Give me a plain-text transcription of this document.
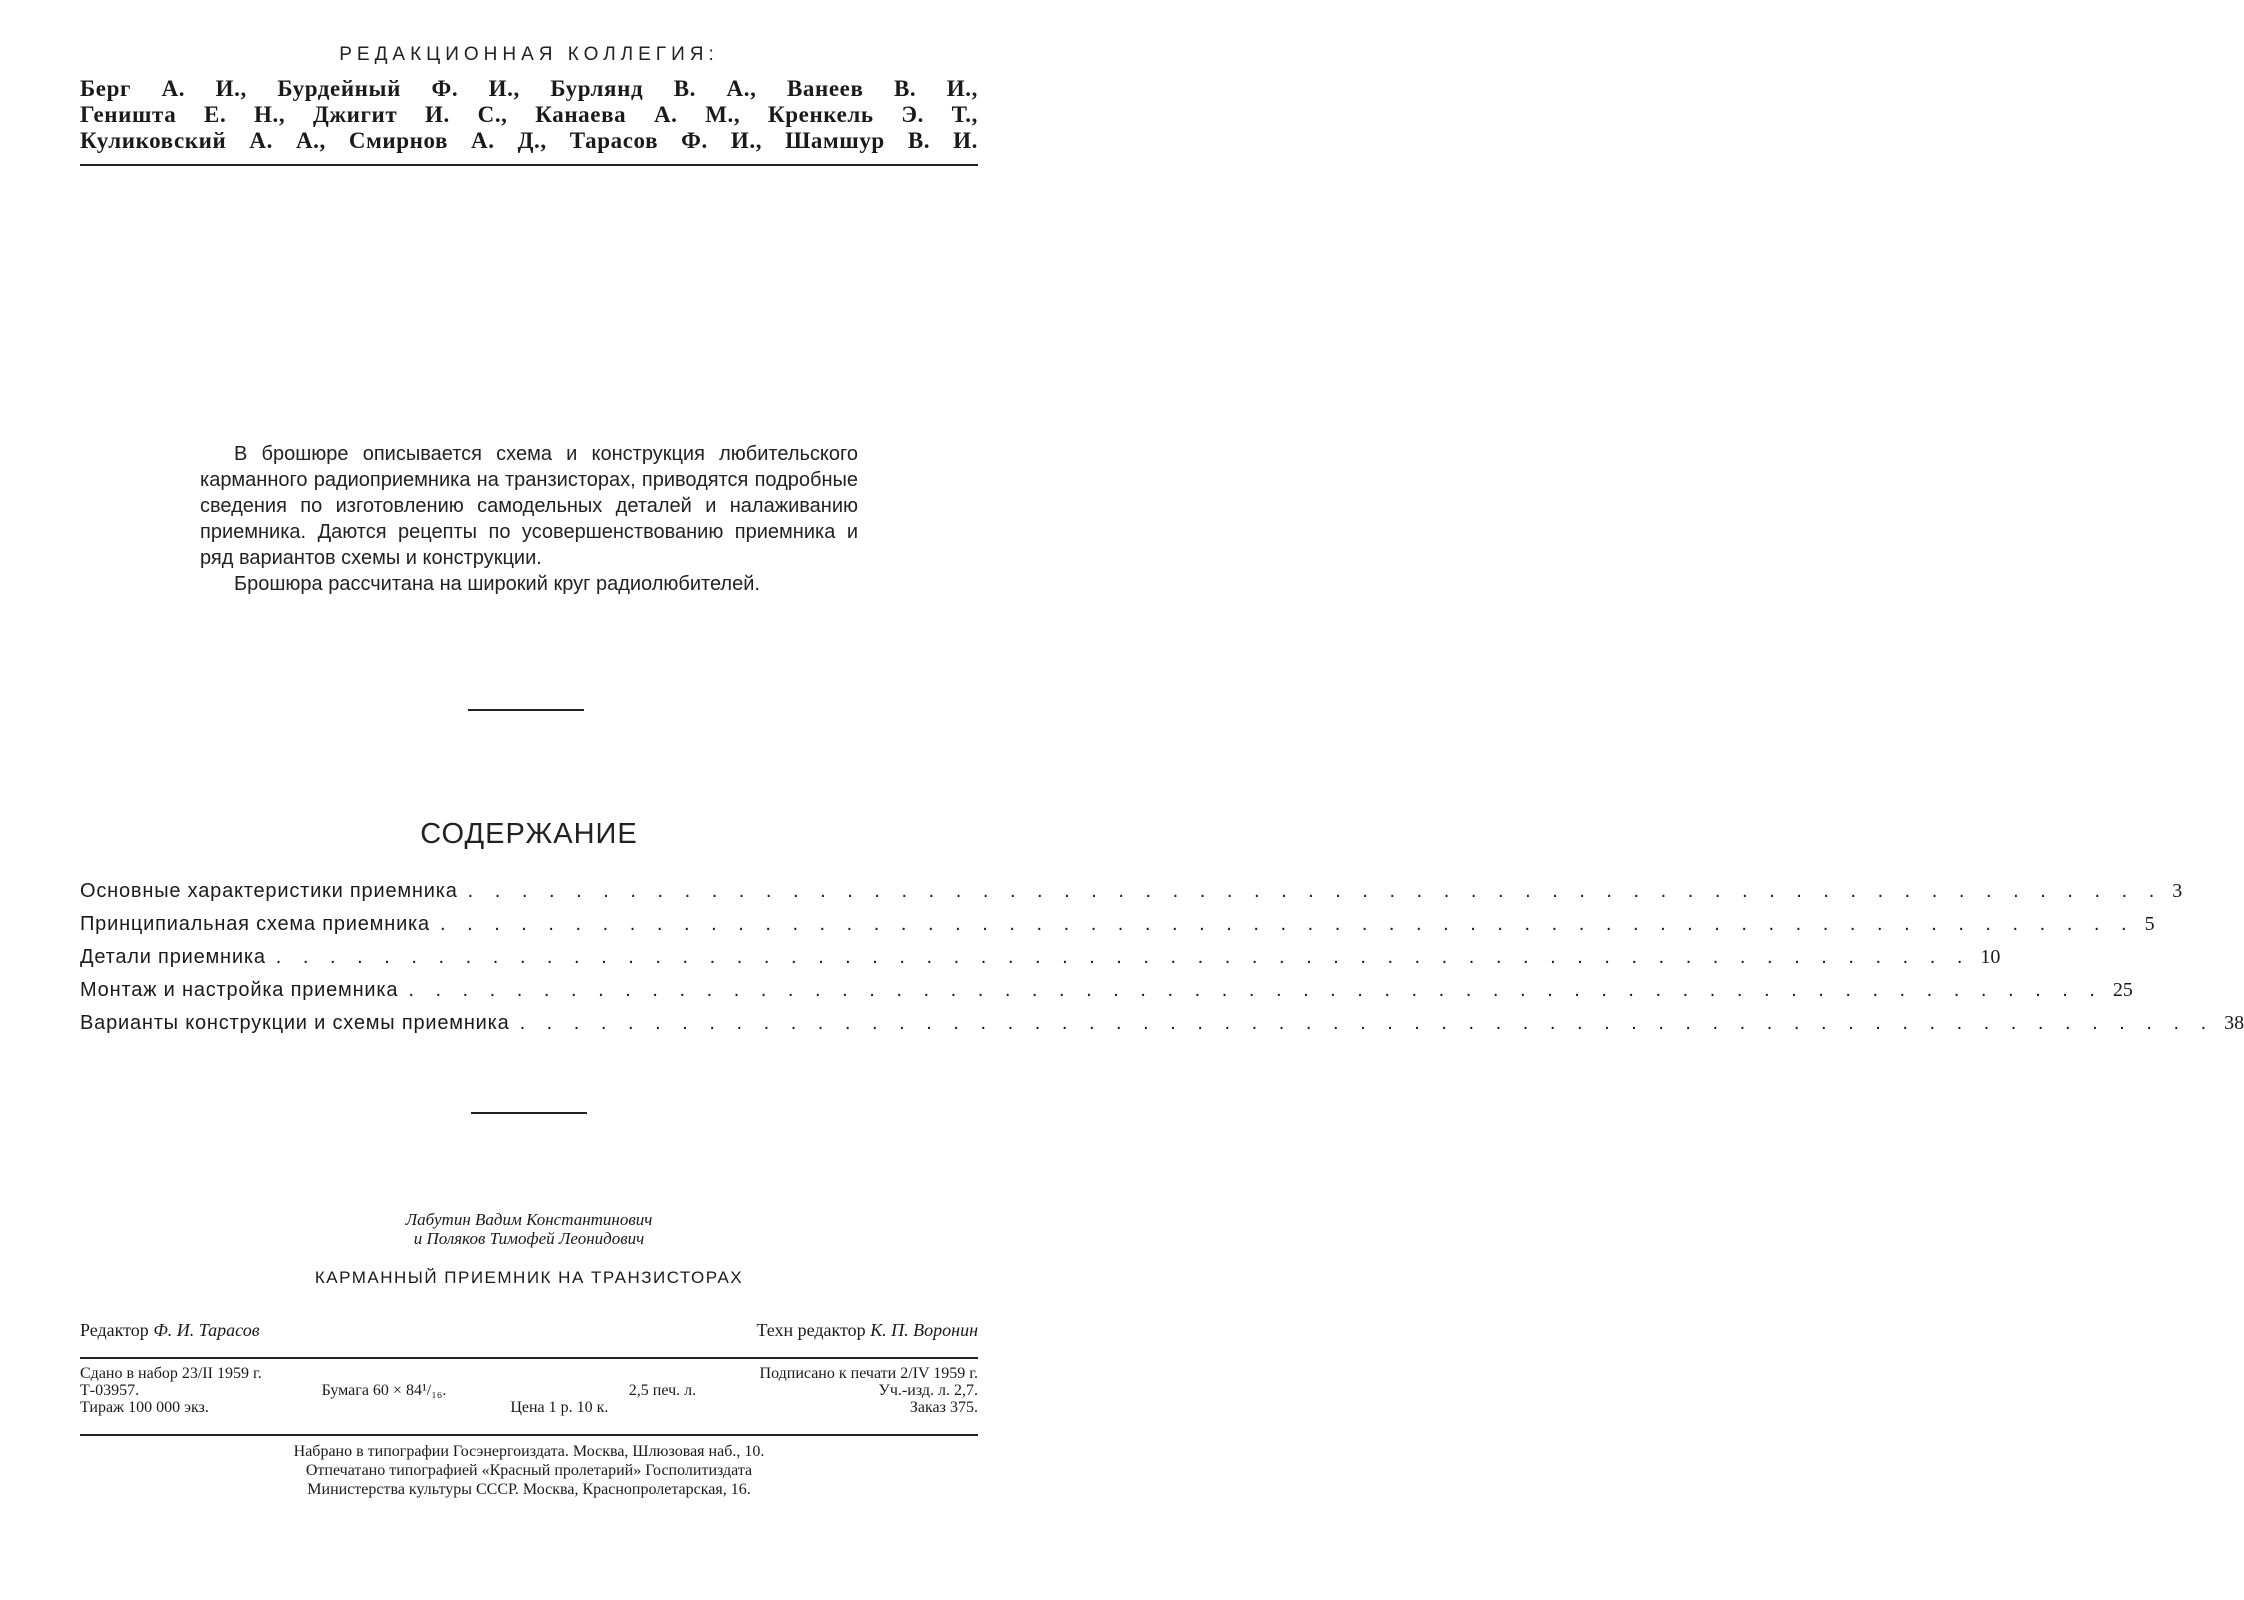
РЕДАКЦИОННАЯ КОЛЛЕГИЯ:
Берг А. И., Бурдейный Ф. И., Бурлянд В. А., Ванеев В. И.,
Геништа Е. Н., Джигит И. С., Канаева А. М., Кренкель Э. Т.,
Куликовский А. А., Смирнов А. Д., Тарасов Ф. И., Шамшур В. И.

В брошюре описывается схема и конструкция любительского карманного радиоприемника на транзисторах, приводятся подробные сведения по изготовлению самодельных деталей и налаживанию приемника. Даются рецепты по усовершенствованию приемника и ряд вариантов схемы и конструкции.

Брошюра рассчитана на широкий круг радиолюбителей.

СОДЕРЖАНИЕ
Основные характеристики приемника . . . . . . . . . . . . . . . . . . . . . . . . . . . . . . . . . . . . . . . . . . . . . . . . . . . . . . . . . . . . . . . 3
Принципиальная схема приемника . . . . . . . . . . . . . . . . . . . . . . . . . . . . . . . . . . . . . . . . . . . . . . . . . . . . . . . . . . . . . . . 5
Детали приемника . . . . . . . . . . . . . . . . . . . . . . . . . . . . . . . . . . . . . . . . . . . . . . . . . . . . . . . . . . . . . . . 10
Монтаж и настройка приемника . . . . . . . . . . . . . . . . . . . . . . . . . . . . . . . . . . . . . . . . . . . . . . . . . . . . . . . . . . . . . . . 25
Варианты конструкции и схемы приемника . . . . . . . . . . . . . . . . . . . . . . . . . . . . . . . . . . . . . . . . . . . . . . . . . . . . . . . . . . . . . . . 38
Лабутин Вадим Константинович
и Поляков Тимофей Леонидович
КАРМАННЫЙ ПРИЕМНИК НА ТРАНЗИСТОРАХ
Редактор Ф. И. Тарасов	Техн редактор К. П. Воронин
Сдано в набор 23/II 1959 г.	Подписано к печати 2/IV 1959 г.
Т-03957.	Бумага 60 × 84¹/₁₆.	2,5 печ. л.	Уч.-изд. л. 2,7.
Тираж 100 000 экз.	Цена 1 р. 10 к.	Заказ 375.
Набрано в типографии Госэнергоиздата. Москва, Шлюзовая наб., 10.
Отпечатано типографией «Красный пролетарий» Госполитиздата
Министерства культуры СССР. Москва, Краснопролетарская, 16.
